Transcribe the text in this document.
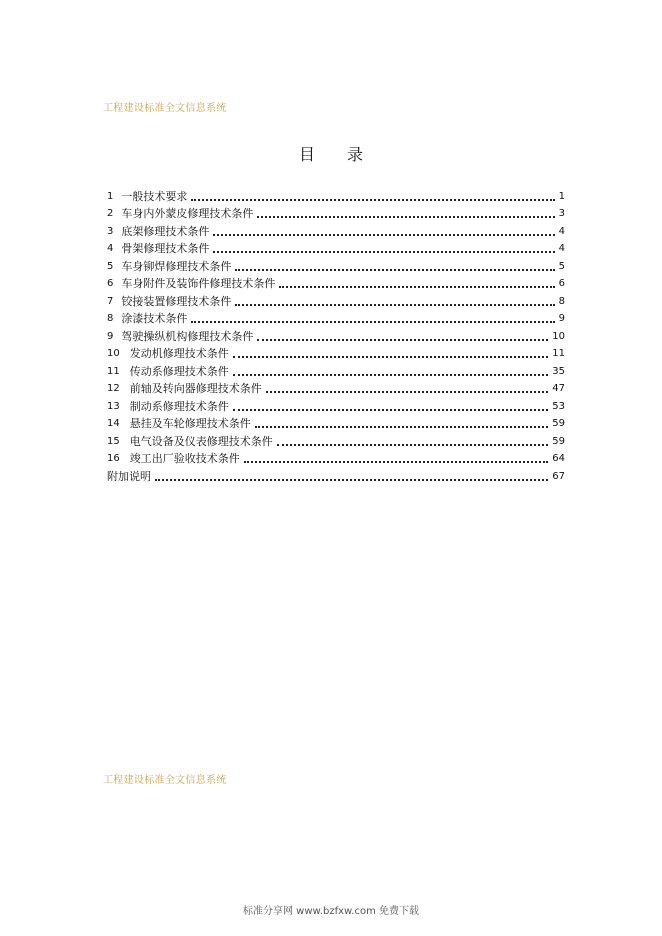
工程建设标准全文信息系统
目录
1 一般技术要求	1
2 车身内外蒙皮修理技术条件	3
3 底架修理技术条件	4
4 骨架修理技术条件	4
5 车身铆焊修理技术条件	5
6 车身附件及装饰件修理技术条件	6
7 铰接装置修理技术条件	8
8 涂漆技术条件	9
9 驾驶操纵机构修理技术条件	10
10 发动机修理技术条件	11
11 传动系修理技术条件	35
12 前轴及转向器修理技术条件	47
13 制动系修理技术条件	53
14 悬挂及车轮修理技术条件	59
15 电气设备及仪表修理技术条件	59
16 竣工出厂验收技术条件	64
附加说明	67
工程建设标准全文信息系统
标准分享网 www.bzfxw.com 免费下载
